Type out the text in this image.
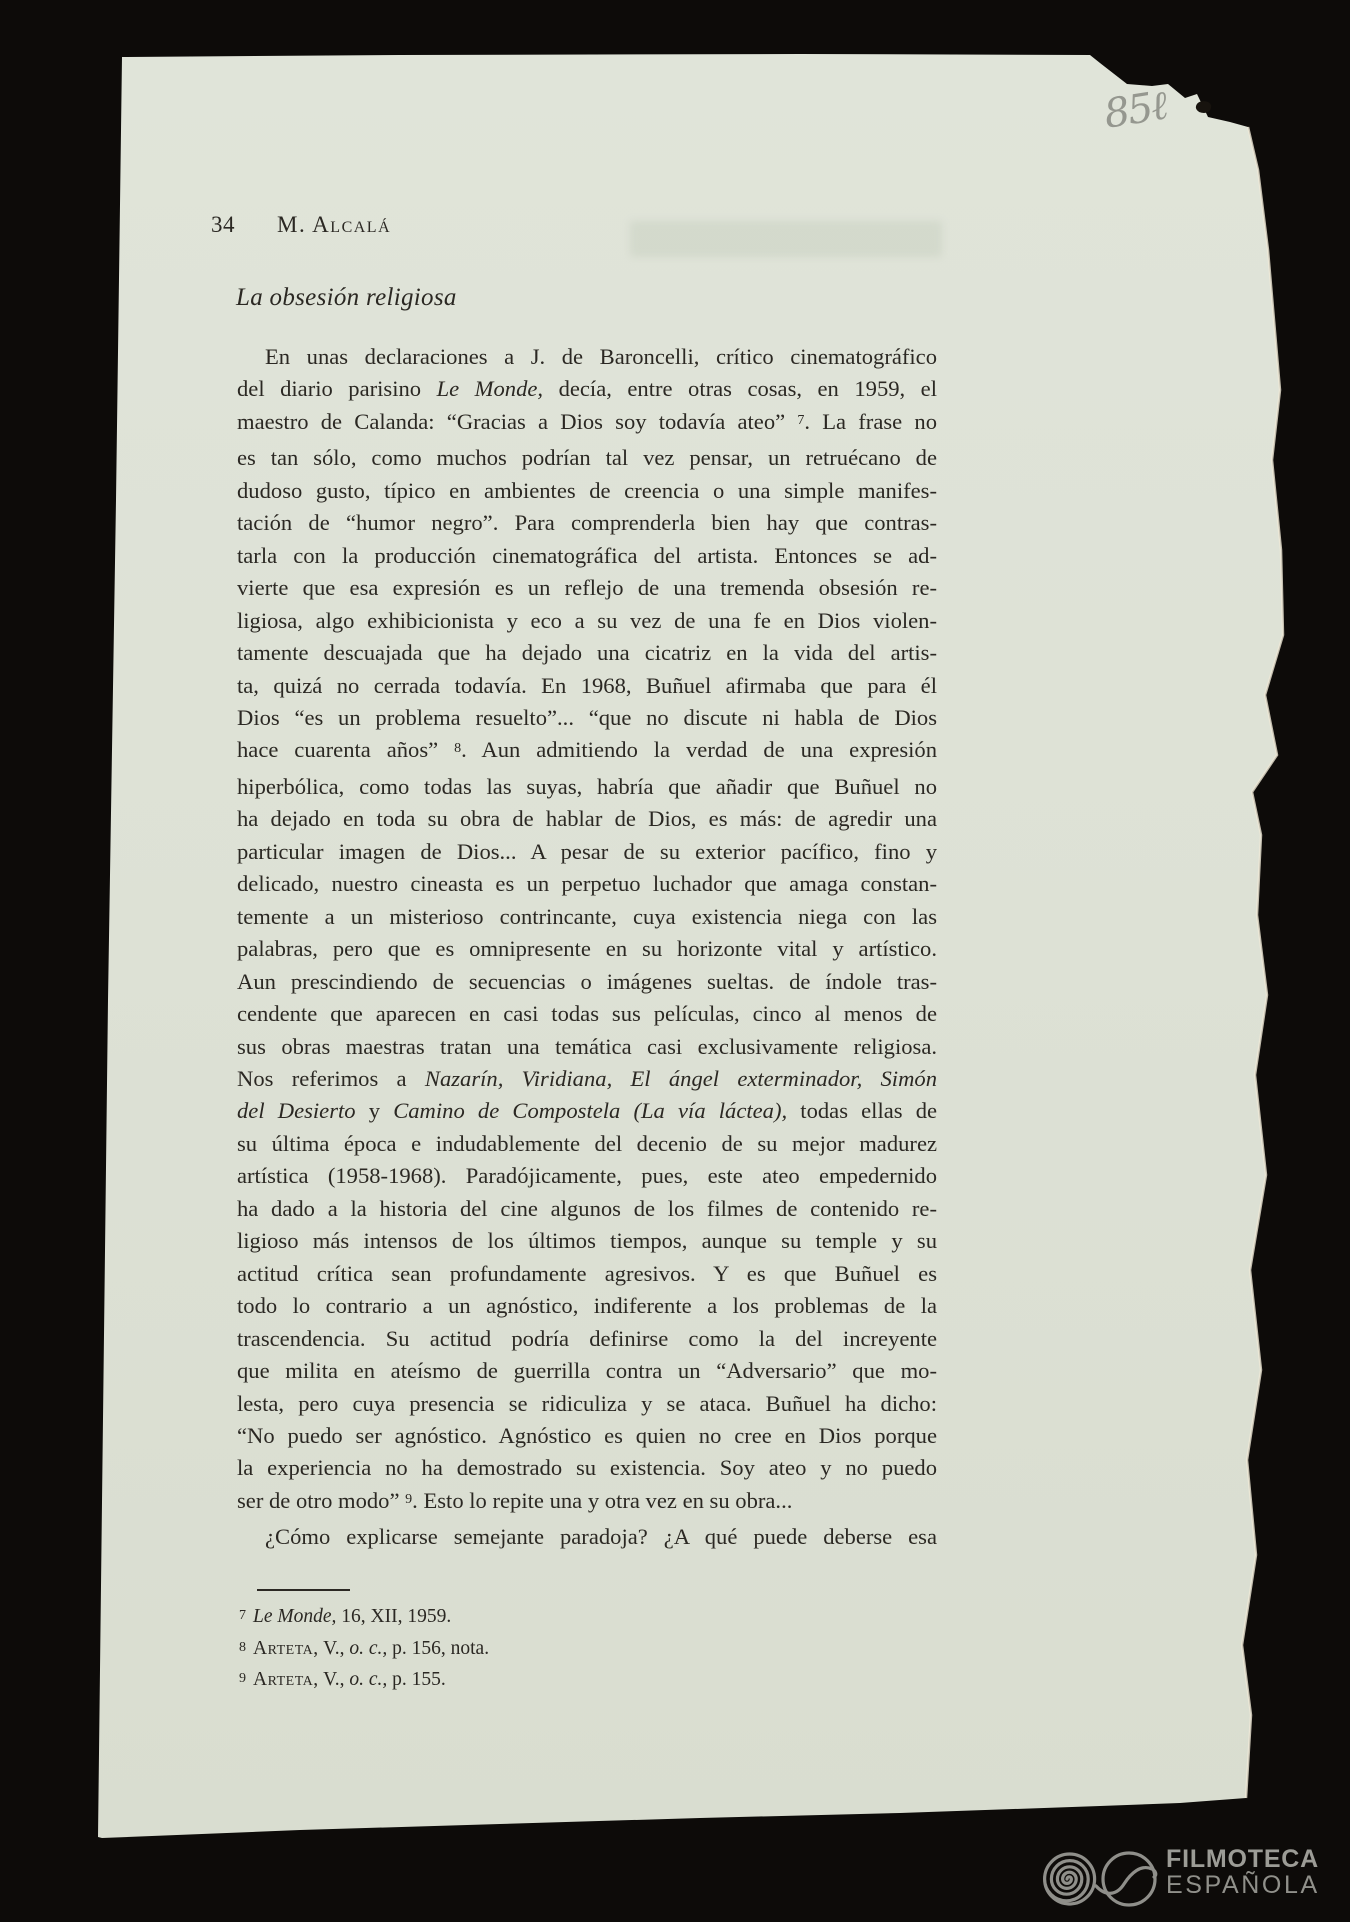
34 M. Alcalá
La obsesión religiosa
En unas declaraciones a J. de Baroncelli, crítico cinematográfico
del diario parisino Le Monde, decía, entre otras cosas, en 1959, el
maestro de Calanda: “Gracias a Dios soy todavía ateo” $^7$. La frase no
es tan sólo, como muchos podrían tal vez pensar, un retruécano de
dudoso gusto, típico en ambientes de creencia o una simple manifes-
tación de “humor negro”. Para comprenderla bien hay que contras-
tarla con la producción cinematográfica del artista. Entonces se ad-
vierte que esa expresión es un reflejo de una tremenda obsesión re-
ligiosa, algo exhibicionista y eco a su vez de una fe en Dios violen-
tamente descuajada que ha dejado una cicatriz en la vida del artis-
ta, quizá no cerrada todavía. En 1968, Buñuel afirmaba que para él
Dios “es un problema resuelto”... “que no discute ni habla de Dios
hace cuarenta años” $^8$. Aun admitiendo la verdad de una expresión
hiperbólica, como todas las suyas, habría que añadir que Buñuel no
ha dejado en toda su obra de hablar de Dios, es más: de agredir una
particular imagen de Dios... A pesar de su exterior pacífico, fino y
delicado, nuestro cineasta es un perpetuo luchador que amaga constan-
temente a un misterioso contrincante, cuya existencia niega con las
palabras, pero que es omnipresente en su horizonte vital y artístico.
Aun prescindiendo de secuencias o imágenes sueltas. de índole tras-
cendente que aparecen en casi todas sus películas, cinco al menos de
sus obras maestras tratan una temática casi exclusivamente religiosa.
Nos referimos a Nazarín, Viridiana, El ángel exterminador, Simón
del Desierto y Camino de Compostela (La vía láctea), todas ellas de
su última época e indudablemente del decenio de su mejor madurez
artística (1958-1968). Paradójicamente, pues, este ateo empedernido
ha dado a la historia del cine algunos de los filmes de contenido re-
ligioso más intensos de los últimos tiempos, aunque su temple y su
actitud crítica sean profundamente agresivos. Y es que Buñuel es
todo lo contrario a un agnóstico, indiferente a los problemas de la
trascendencia. Su actitud podría definirse como la del increyente
que milita en ateísmo de guerrilla contra un “Adversario” que mo-
lesta, pero cuya presencia se ridiculiza y se ataca. Buñuel ha dicho:
“No puedo ser agnóstico. Agnóstico es quien no cree en Dios porque
la experiencia no ha demostrado su existencia. Soy ateo y no puedo
ser de otro modo” $^9$. Esto lo repite una y otra vez en su obra...
¿Cómo explicarse semejante paradoja? ¿A qué puede deberse esa
7 Le Monde, 16, XII, 1959.
8 Arteta, V., o. c., p. 156, nota.
9 Arteta, V., o. c., p. 155.
85ℓ
FILMOTECA
ESPAÑOLA
